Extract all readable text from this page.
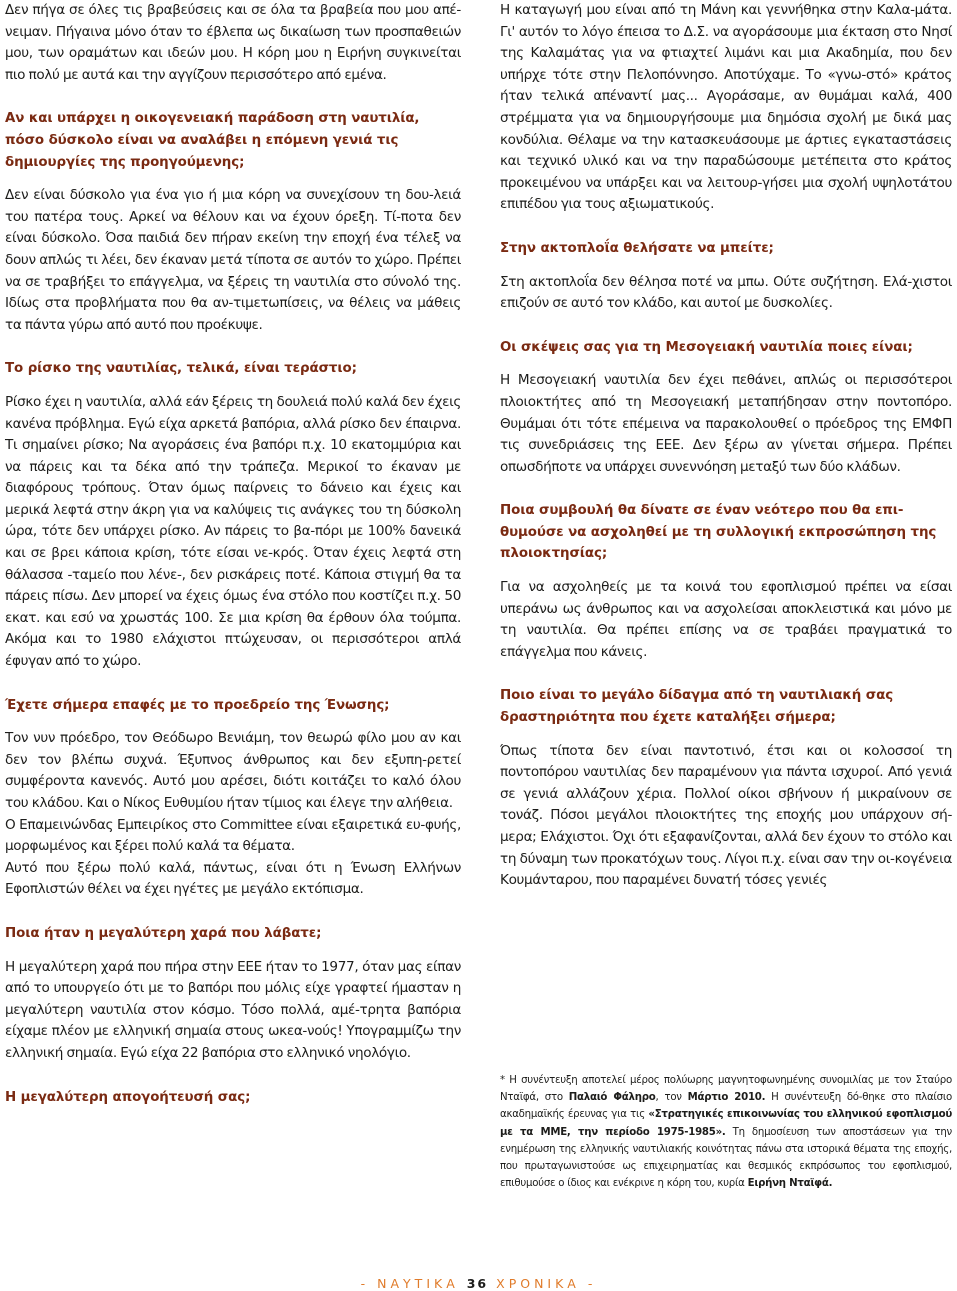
Δεν πήγα σε όλες τις βραβεύσεις και σε όλα τα βραβεία που μου απέ-νειμαν. Πήγαινα μόνο όταν το έβλεπα ως δικαίωση των προσπαθειών μου, των οραμάτων και ιδεών μου. Η κόρη μου η Ειρήνη συγκινείται πιο πολύ με αυτά και την αγγίζουν περισσότερο από εμένα.

Αν και υπάρχει η οικογενειακή παράδοση στη ναυτιλία, πόσο δύσκολο είναι να αναλάβει η επόμενη γενιά τις δημιουργίες της προηγούμενης;

Δεν είναι δύσκολο για ένα γιο ή μια κόρη να συνεχίσουν τη δου-λειά του πατέρα τους. Αρκεί να θέλουν και να έχουν όρεξη. Τί-ποτα δεν είναι δύσκολο. Όσα παιδιά δεν πήραν εκείνη την εποχή ένα τέλεξ να δουν απλώς τι λέει, δεν έκαναν μετά τίποτα σε αυτόν το χώρο. Πρέπει να σε τραβήξει το επάγγελμα, να ξέρεις τη ναυτιλία στο σύνολό της. Ιδίως στα προβλήματα που θα αν-τιμετωπίσεις, να θέλεις να μάθεις τα πάντα γύρω από αυτό που προέκυψε.

Το ρίσκο της ναυτιλίας, τελικά, είναι τεράστιο;

Ρίσκο έχει η ναυτιλία, αλλά εάν ξέρεις τη δουλειά πολύ καλά δεν έχεις κανένα πρόβλημα. Εγώ είχα αρκετά βαπόρια, αλλά ρίσκο δεν έπαιρνα. Τι σημαίνει ρίσκο; Να αγοράσεις ένα βαπόρι π.χ. 10 εκατομμύρια και να πάρεις και τα δέκα από την τράπεζα. Μερικοί το έκαναν με διαφόρους τρόπους. Όταν όμως παίρνεις το δάνειο και έχεις και μερικά λεφτά στην άκρη για να καλύψεις τις ανάγκες του τη δύσκολη ώρα, τότε δεν υπάρχει ρίσκο. Αν πάρεις το βα-πόρι με 100% δανεικά και σε βρει κάποια κρίση, τότε είσαι νε-κρός. Όταν έχεις λεφτά στη θάλασσα -ταμείο που λένε-, δεν ρισκάρεις ποτέ. Κάποια στιγμή θα τα πάρεις πίσω. Δεν μπορεί να έχεις όμως ένα στόλο που κοστίζει π.χ. 50 εκατ. και εσύ να χρωστάς 100. Σε μια κρίση θα έρθουν όλα τούμπα. Ακόμα και το 1980 ελάχιστοι πτώχευσαν, οι περισσότεροι απλά έφυγαν από το χώρο.

Έχετε σήμερα επαφές με το προεδρείο της Ένωσης;

Τον νυν πρόεδρο, τον Θεόδωρο Βενιάμη, τον θεωρώ φίλο μου αν και δεν τον βλέπω συχνά. Έξυπνος άνθρωπος και δεν εξυπη-ρετεί συμφέροντα κανενός. Αυτό μου αρέσει, διότι κοιτάζει το καλό όλου του κλάδου. Και ο Νίκος Ευθυμίου ήταν τίμιος και έλεγε την αλήθεια.

Ο Επαμεινώνδας Εμπειρίκος στο Committee είναι εξαιρετικά ευ-φυής, μορφωμένος και ξέρει πολύ καλά τα θέματα.

Αυτό που ξέρω πολύ καλά, πάντως, είναι ότι η Ένωση Ελλήνων Εφοπλιστών θέλει να έχει ηγέτες με μεγάλο εκτόπισμα.

Ποια ήταν η μεγαλύτερη χαρά που λάβατε;

Η μεγαλύτερη χαρά που πήρα στην ΕΕΕ ήταν το 1977, όταν μας είπαν από το υπουργείο ότι με το βαπόρι που μόλις είχε γραφτεί ήμασταν η μεγαλύτερη ναυτιλία στον κόσμο. Τόσο πολλά, αμέ-τρητα βαπόρια είχαμε πλέον με ελληνική σημαία στους ωκεα-νούς! Υπογραμμίζω την ελληνική σημαία. Εγώ είχα 22 βαπόρια στο ελληνικό νηολόγιο.

Η μεγαλύτερη απογοήτευσή σας;

Η καταγωγή μου είναι από τη Μάνη και γεννήθηκα στην Καλα-μάτα. Γι' αυτόν το λόγο έπεισα το Δ.Σ. να αγοράσουμε μια έκταση στο Νησί της Καλαμάτας για να φτιαχτεί λιμάνι και μια Ακαδημία, που δεν υπήρχε τότε στην Πελοπόννησο. Αποτύχαμε. Το «γνω-στό» κράτος ήταν τελικά απέναντί μας... Αγοράσαμε, αν θυμάμαι καλά, 400 στρέμματα για να δημιουργήσουμε μια δημόσια σχολή με δικά μας κονδύλια. Θέλαμε να την κατασκευάσουμε με άρτιες εγκαταστάσεις και τεχνικό υλικό και να την παραδώσουμε μετέπειτα στο κράτος προκειμένου να υπάρξει και να λειτουρ-γήσει μια σχολή υψηλοτάτου επιπέδου για τους αξιωματικούς.

Στην ακτοπλοΐα θελήσατε να μπείτε;

Στη ακτοπλοΐα δεν θέλησα ποτέ να μπω. Ούτε συζήτηση. Ελά-χιστοι επιζούν σε αυτό τον κλάδο, και αυτοί με δυσκολίες.

Οι σκέψεις σας για τη Μεσογειακή ναυτιλία ποιες είναι;

Η Μεσογειακή ναυτιλία δεν έχει πεθάνει, απλώς οι περισσότεροι πλοιοκτήτες από τη Μεσογειακή μεταπήδησαν στην ποντοπόρο. Θυμάμαι ότι τότε επέμεινα να παρακολουθεί ο πρόεδρος της ΕΜΦΠ τις συνεδριάσεις της ΕΕΕ. Δεν ξέρω αν γίνεται σήμερα. Πρέπει οπωσδήποτε να υπάρχει συνεννόηση μεταξύ των δύο κλάδων.

Ποια συμβουλή θα δίνατε σε έναν νεότερο που θα επι-θυμούσε να ασχοληθεί με τη συλλογική εκπροσώπηση της πλοιοκτησίας;

Για να ασχοληθείς με τα κοινά του εφοπλισμού πρέπει να είσαι υπεράνω ως άνθρωπος και να ασχολείσαι αποκλειστικά και μόνο με τη ναυτιλία. Θα πρέπει επίσης να σε τραβάει πραγματικά το επάγγελμα που κάνεις.

Ποιο είναι το μεγάλο δίδαγμα από τη ναυτιλιακή σας δραστηριότητα που έχετε καταλήξει σήμερα;

Όπως τίποτα δεν είναι παντοτινό, έτσι και οι κολοσσοί τη ποντοπόρου ναυτιλίας δεν παραμένουν για πάντα ισχυροί. Από γενιά σε γενιά αλλάζουν χέρια. Πολλοί οίκοι σβήνουν ή μικραίνουν σε τονάζ. Πόσοι μεγάλοι πλοιοκτήτες της εποχής μου υπάρχουν σή-μερα; Ελάχιστοι. Όχι ότι εξαφανίζονται, αλλά δεν έχουν το στόλο και τη δύναμη των προκατόχων τους. Λίγοι π.χ. είναι σαν την οι-κογένεια Κουμάνταρου, που παραμένει δυνατή τόσες γενιές

* Η συνέντευξη αποτελεί μέρος πολύωρης μαγνητοφωνημένης συνομιλίας με τον Σταύρο Νταϊφά, στο Παλαιό Φάληρο, τον Μάρτιο 2010. Η συνέντευξη δό-θηκε στο πλαίσιο ακαδημαϊκής έρευνας για τις «Στρατηγικές επικοινωνίας του ελληνικού εφοπλισμού με τα ΜΜΕ, την περίοδο 1975-1985». Τη δημοσίευση των αποστάσεων για την ενημέρωση της ελληνικής ναυτιλιακής κοινότητας πάνω στα ιστορικά θέματα της εποχής, που πρωταγωνιστούσε ως επιχειρηματίας και θεσμικός εκπρόσωπος του εφοπλισμού, επιθυμούσε ο ίδιος και ενέκρινε η κόρη του, κυρία Ειρήνη Νταϊφά.
- ΝΑΥΤΙΚΑ 36 ΧΡΟΝΙΚΑ -
